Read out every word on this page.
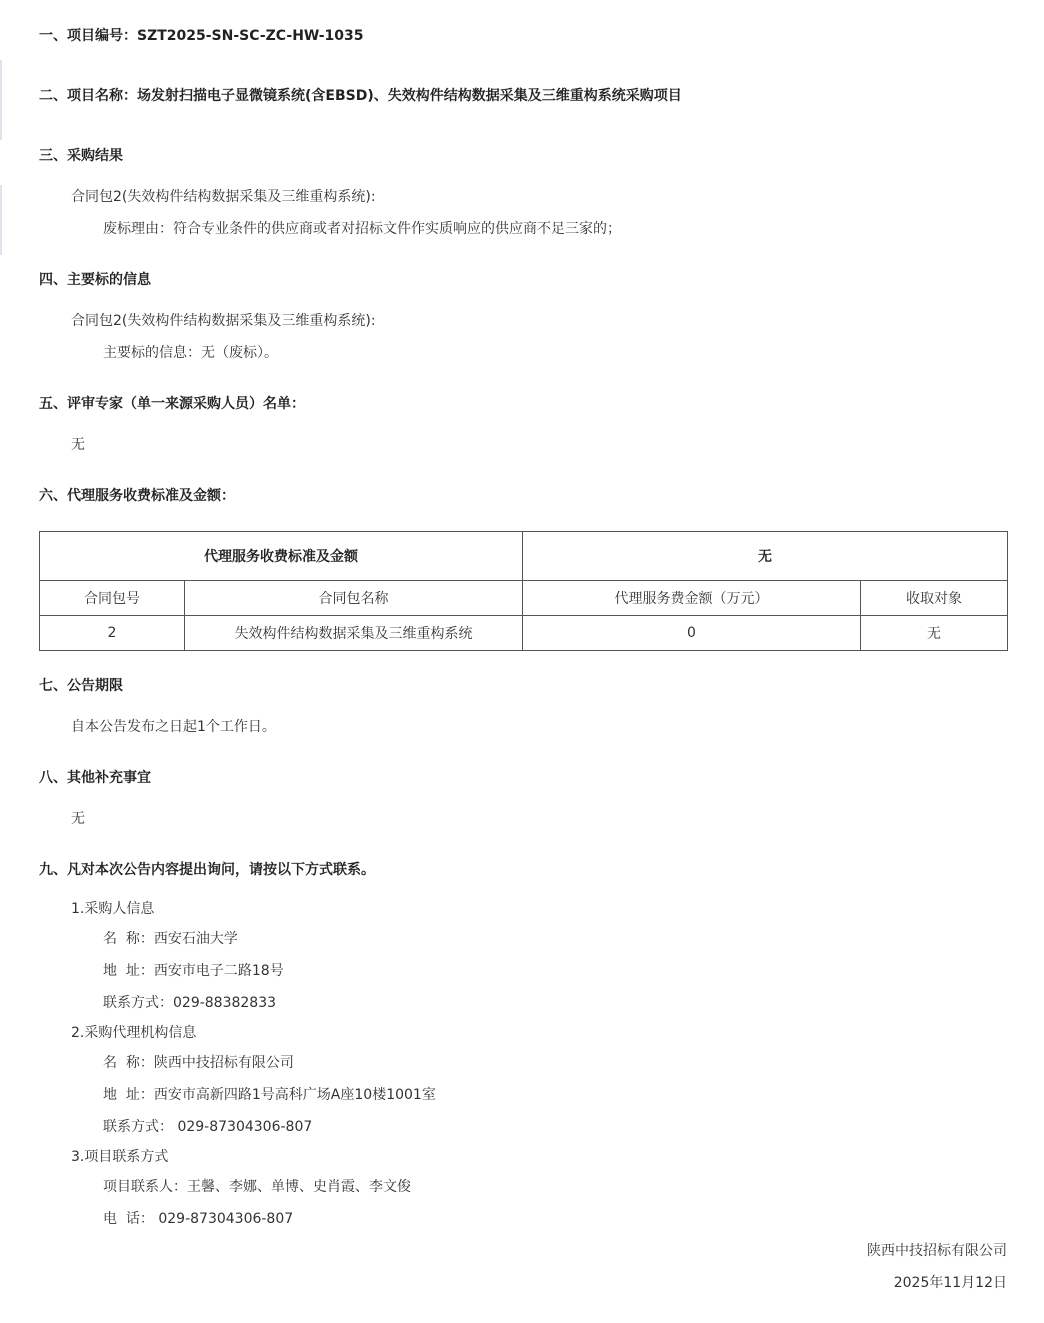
一、项目编号：SZT2025-SN-SC-ZC-HW-1035
二、项目名称：场发射扫描电子显微镜系统(含EBSD)、失效构件结构数据采集及三维重构系统采购项目
三、采购结果
合同包2(失效构件结构数据采集及三维重构系统):
废标理由：符合专业条件的供应商或者对招标文件作实质响应的供应商不足三家的；
四、主要标的信息
合同包2(失效构件结构数据采集及三维重构系统):
主要标的信息：无（废标）。
五、评审专家（单一来源采购人员）名单：
无
六、代理服务收费标准及金额：
代理服务收费标准及金额		无	
合同包号	合同包名称	代理服务费金额（万元）	收取对象
2	失效构件结构数据采集及三维重构系统	0	无
七、公告期限
自本公告发布之日起1个工作日。
八、其他补充事宜
无
九、凡对本次公告内容提出询问，请按以下方式联系。
1.采购人信息
名  称：西安石油大学
地  址：西安市电子二路18号
联系方式：029-88382833
2.采购代理机构信息
名  称：陕西中技招标有限公司
地  址：西安市高新四路1号高科广场A座10楼1001室
联系方式： 029-87304306-807
3.项目联系方式
项目联系人：王馨、李娜、单博、史肖霞、李文俊
电  话： 029-87304306-807
陕西中技招标有限公司
2025年11月12日
